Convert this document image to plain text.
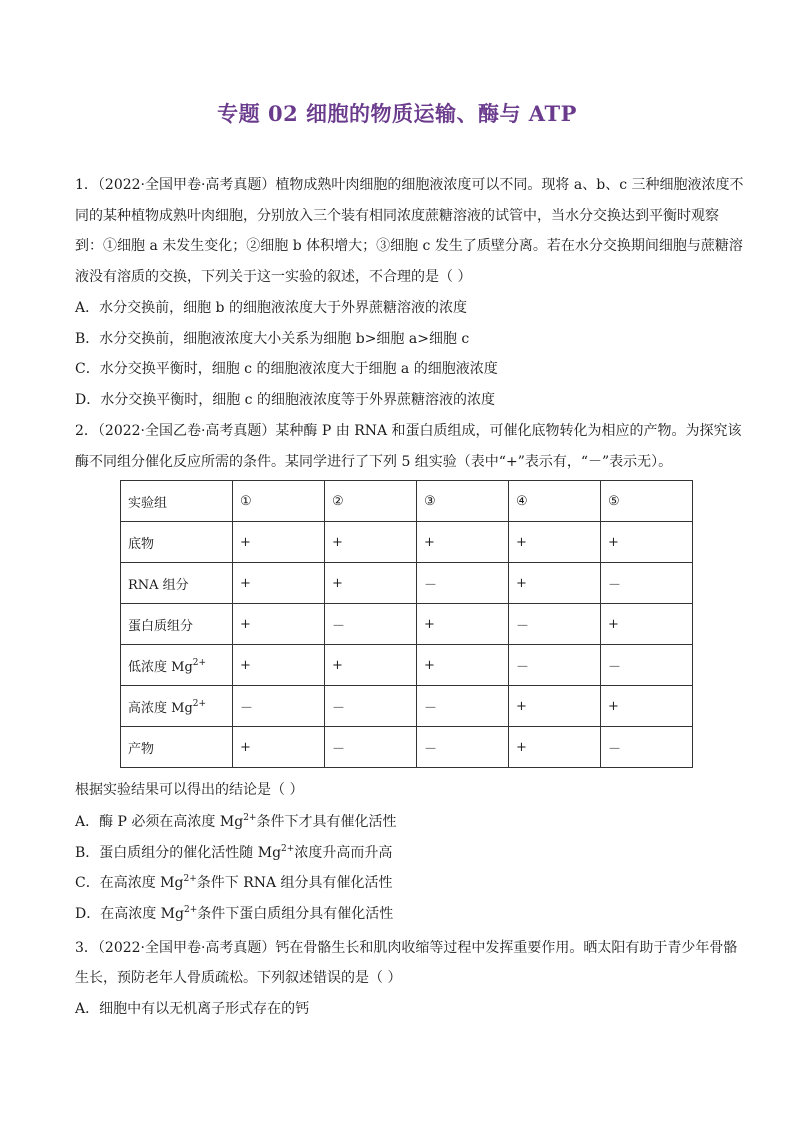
专题 02 细胞的物质运输、酶与 ATP
1．（2022·全国甲卷·高考真题）植物成熟叶肉细胞的细胞液浓度可以不同。现将 a、b、c 三种细胞液浓度不
同的某种植物成熟叶肉细胞，分别放入三个装有相同浓度蔗糖溶液的试管中，当水分交换达到平衡时观察
到：①细胞 a 未发生变化；②细胞 b 体积增大；③细胞 c 发生了质壁分离。若在水分交换期间细胞与蔗糖溶
液没有溶质的交换，下列关于这一实验的叙述，不合理的是（ ）
A．水分交换前，细胞 b 的细胞液浓度大于外界蔗糖溶液的浓度
B．水分交换前，细胞液浓度大小关系为细胞 b>细胞 a>细胞 c
C．水分交换平衡时，细胞 c 的细胞液浓度大于细胞 a 的细胞液浓度
D．水分交换平衡时，细胞 c 的细胞液浓度等于外界蔗糖溶液的浓度
2．（2022·全国乙卷·高考真题）某种酶 P 由 RNA 和蛋白质组成，可催化底物转化为相应的产物。为探究该
酶不同组分催化反应所需的条件。某同学进行了下列 5 组实验（表中“+”表示有，“－”表示无）。
实验组	①	②	③	④	⑤
底物	+	+	+	+	+
RNA 组分	+	+	－	+	－
蛋白质组分	+	－	+	－	+
低浓度 $Mg^{2+}$	+	+	+	－	－
高浓度 $Mg^{2+}$	－	－	－	+	+
产物	+	－	－	+	－
根据实验结果可以得出的结论是（ ）
A．酶 P 必须在高浓度 $Mg^{2+}$条件下才具有催化活性
B．蛋白质组分的催化活性随 $Mg^{2+}$浓度升高而升高
C．在高浓度 $Mg^{2+}$条件下 RNA 组分具有催化活性
D．在高浓度 $Mg^{2+}$条件下蛋白质组分具有催化活性
3．（2022·全国甲卷·高考真题）钙在骨骼生长和肌肉收缩等过程中发挥重要作用。晒太阳有助于青少年骨骼
生长，预防老年人骨质疏松。下列叙述错误的是（ ）
A．细胞中有以无机离子形式存在的钙
